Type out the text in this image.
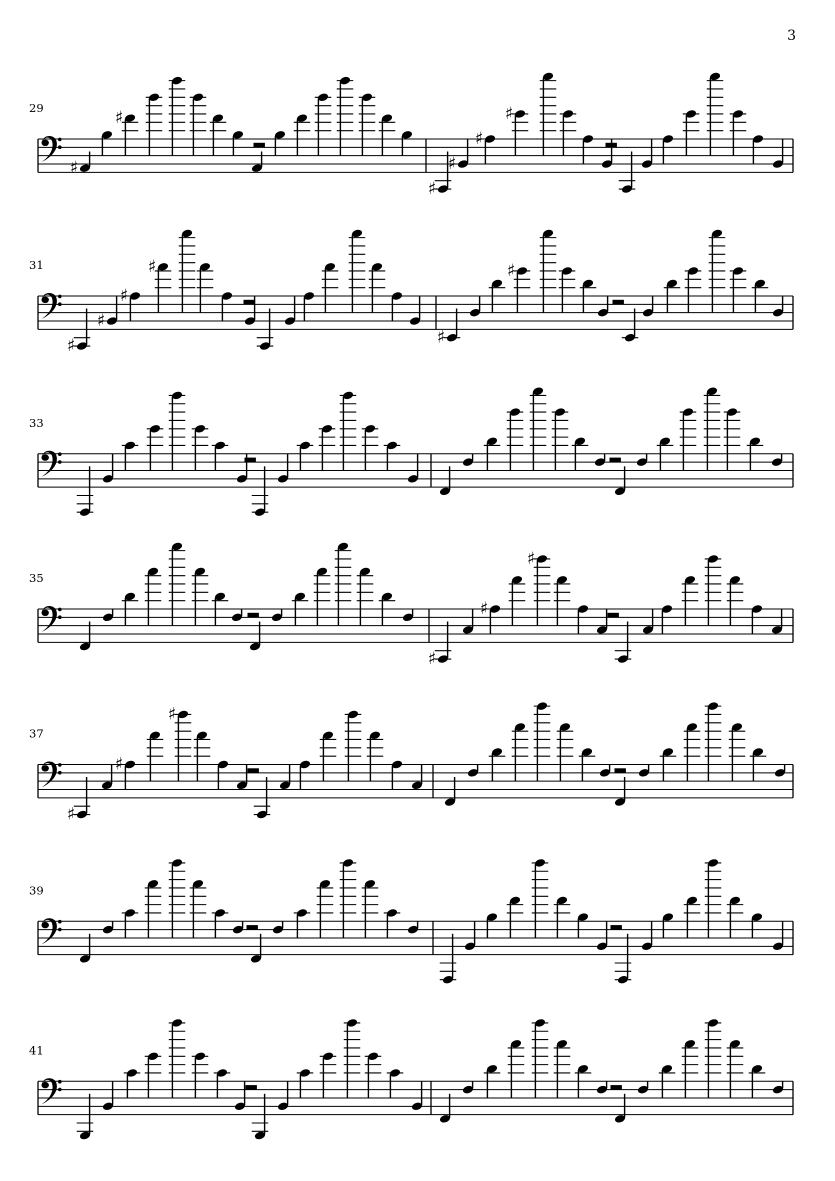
3
29
♯
♯
♯
♯
♯
♯
31
♯
♯
♯
♯
♯
♯
33
35
♯
♯
♯
37
♯
♯
♯
39
41
